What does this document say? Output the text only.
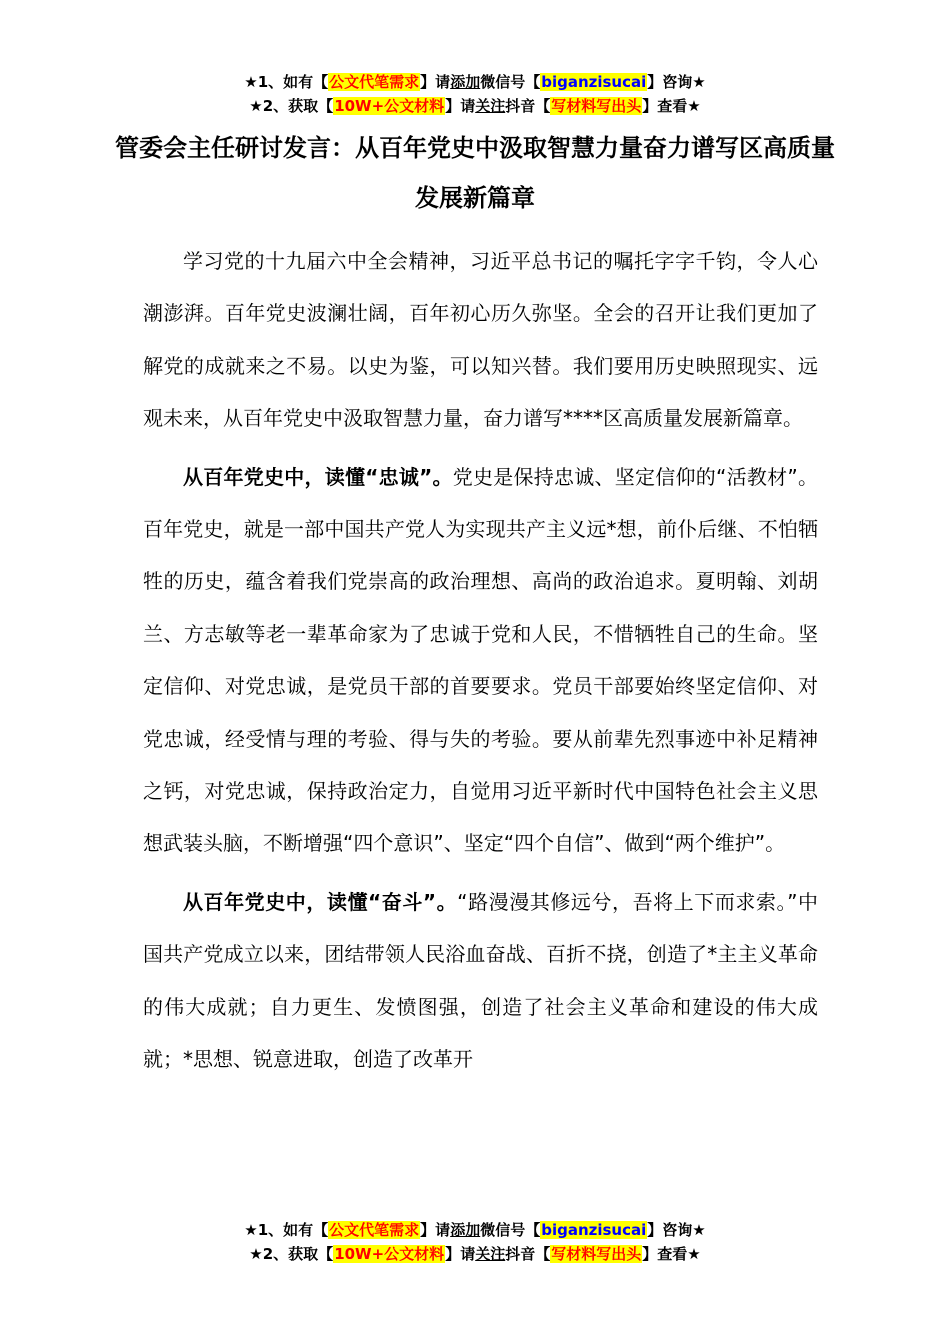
★1、如有【公文代笔需求】请添加微信号【biganzisucai】咨询★
★2、获取【10W+公文材料】请关注抖音【写材料写出头】查看★
管委会主任研讨发言：从百年党史中汲取智慧力量奋力谱写区高质量发展新篇章

学习党的十九届六中全会精神，习近平总书记的嘱托字字千钧，令人心潮澎湃。百年党史波澜壮阔，百年初心历久弥坚。全会的召开让我们更加了解党的成就来之不易。以史为鉴，可以知兴替。我们要用历史映照现实、远观未来，从百年党史中汲取智慧力量，奋力谱写****区高质量发展新篇章。

从百年党史中，读懂“忠诚”。党史是保持忠诚、坚定信仰的“活教材”。百年党史，就是一部中国共产党人为实现共产主义远*想，前仆后继、不怕牺牲的历史，蕴含着我们党崇高的政治理想、高尚的政治追求。夏明翰、刘胡兰、方志敏等老一辈革命家为了忠诚于党和人民，不惜牺牲自己的生命。坚定信仰、对党忠诚，是党员干部的首要要求。党员干部要始终坚定信仰、对党忠诚，经受情与理的考验、得与失的考验。要从前辈先烈事迹中补足精神之钙，对党忠诚，保持政治定力，自觉用习近平新时代中国特色社会主义思想武装头脑，不断增强“四个意识”、坚定“四个自信”、做到“两个维护”。

从百年党史中，读懂“奋斗”。“路漫漫其修远兮，吾将上下而求索。”中国共产党成立以来，团结带领人民浴血奋战、百折不挠，创造了*主主义革命的伟大成就；自力更生、发愤图强，创造了社会主义革命和建设的伟大成就；*思想、锐意进取，创造了改革开

★1、如有【公文代笔需求】请添加微信号【biganzisucai】咨询★
★2、获取【10W+公文材料】请关注抖音【写材料写出头】查看★
